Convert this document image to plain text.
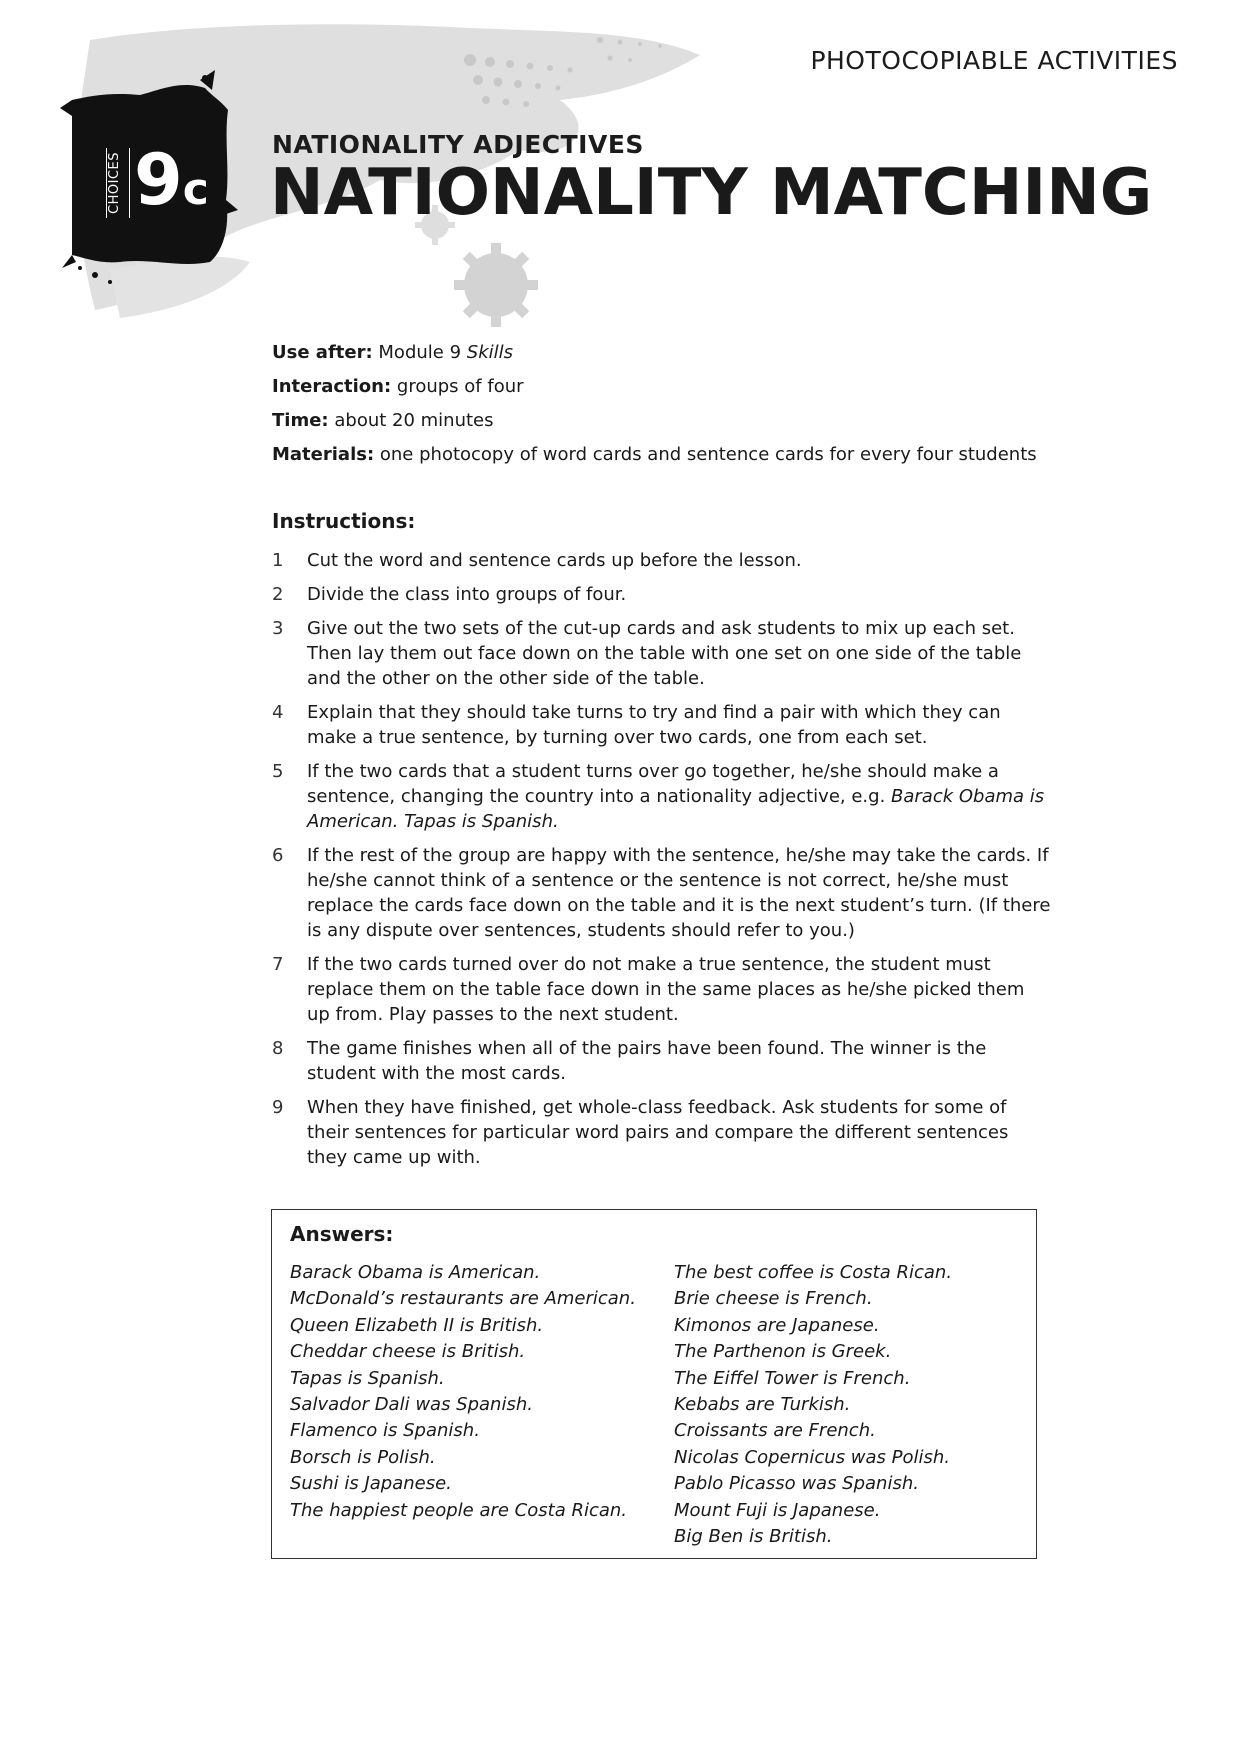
PHOTOCOPIABLE ACTIVITIES
CHOICES 9c
NATIONALITY ADJECTIVES
NATIONALITY MATCHING
Use after: Module 9 Skills
Interaction: groups of four
Time: about 20 minutes
Materials: one photocopy of word cards and sentence cards for every four students
Instructions:
1	Cut the word and sentence cards up before the lesson.
2	Divide the class into groups of four.
3	Give out the two sets of the cut-up cards and ask students to mix up each set. Then lay them out face down on the table with one set on one side of the table and the other on the other side of the table.
4	Explain that they should take turns to try and find a pair with which they can make a true sentence, by turning over two cards, one from each set.
5	If the two cards that a student turns over go together, he/she should make a sentence, changing the country into a nationality adjective, e.g. Barack Obama is American. Tapas is Spanish.
6	If the rest of the group are happy with the sentence, he/she may take the cards. If he/she cannot think of a sentence or the sentence is not correct, he/she must replace the cards face down on the table and it is the next student’s turn. (If there is any dispute over sentences, students should refer to you.)
7	If the two cards turned over do not make a true sentence, the student must replace them on the table face down in the same places as he/she picked them up from. Play passes to the next student.
8	The game finishes when all of the pairs have been found. The winner is the student with the most cards.
9	When they have finished, get whole-class feedback. Ask students for some of their sentences for particular word pairs and compare the different sentences they came up with.
Answers:
Barack Obama is American.
McDonald’s restaurants are American.
Queen Elizabeth II is British.
Cheddar cheese is British.
Tapas is Spanish.
Salvador Dali was Spanish.
Flamenco is Spanish.
Borsch is Polish.
Sushi is Japanese.
The happiest people are Costa Rican.
The best coffee is Costa Rican.
Brie cheese is French.
Kimonos are Japanese.
The Parthenon is Greek.
The Eiffel Tower is French.
Kebabs are Turkish.
Croissants are French.
Nicolas Copernicus was Polish.
Pablo Picasso was Spanish.
Mount Fuji is Japanese.
Big Ben is British.
